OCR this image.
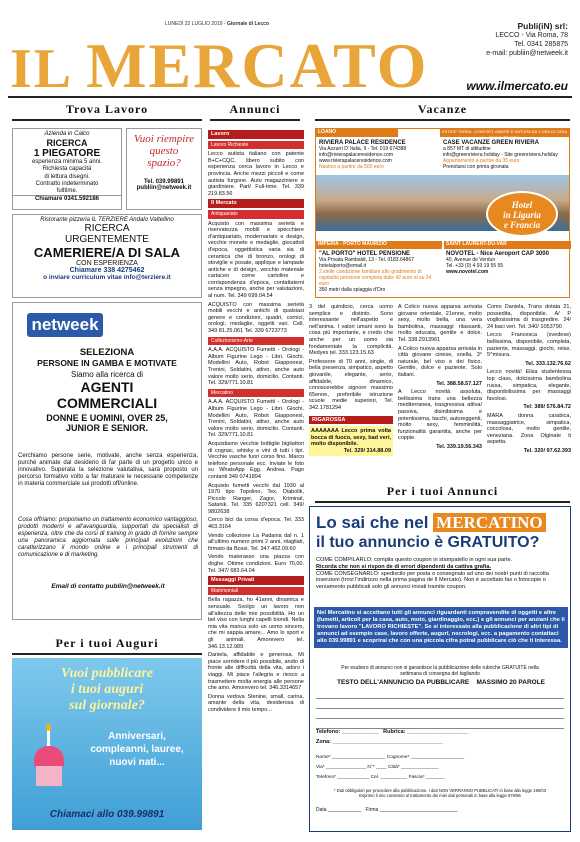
LUNEDÌ 22 LUGLIO 2019 - Giornale di Lecco
IL MERCATO
Publi(iN) srl:
LECCO - Via Roma, 78
Tel. 0341 285875
e-mail: publiin@netweek.it
www.ilmercato.eu
Trova Lavoro	Annunci	Vacanze
Azienda in Calco
RICERCA
1 PIEGATORE
esperienza minima 5 anni.
Richiesta capacità
di lettura disegni.
Contratto indeterminato
fulltime.
Chiamare 0341.592186
Vuoi riempire
questo
spazio?
Tel. 039.99891
publiin@netweek.it
Ristorante pizzeria IL TERZIERE Andalo Valtellino
RICERCA
URGENTEMENTE
CAMERIERE/A DI SALA
CON ESPERIENZA
Chiamare 338 4275462
o inviare curriculum vitae info@terziere.it
netweek
SELEZIONA
PERSONE IN GAMBA E MOTIVATE
Siamo alla ricerca di
AGENTI
COMMERCIALI
DONNE E UOMINI, OVER 25,
JUNIOR E SENIOR.
Cerchiamo persone serie, motivate, anche senza esperienza, purché animate dal desiderio di far parte di un progetto unico e innovativo. Superata la selezione valutativa, sarà proposto un percorso formativo volto a far maturare le necessarie competenze in materia commerciale sui prodotti off/online.
Cosa offriamo: proponiamo un trattamento economico vantaggioso, prodotti moderni e all'avanguardia, supportati da specialisti di esperienza, oltre che da corsi di training in grado di fornire sempre una panoramica aggiornata sulle principali evoluzioni che caratterizzano il mondo online e i principali strumenti di comunicazione e di marketing.
Email di contatto publiin@netweek.it
Per i tuoi Auguri
Vuoi pubblicare
i tuoi auguri
sul giornale?
Anniversari,
compleanni, lauree,
nuovi nati...
Chiamaci allo 039.99891
Lavoro
Lavoro Richieste

Lecco autista italiano con patente B+C+CQC, libero subito con esperienza cerca lavoro in Lecco e provincia. Anche mezzi piccoli e come autista furgone. Auto magazziniere e giardiniere. Part/ Full-time. Tel. 339 219.83.56

Il Mercato
Antiquariato

Acquisto con massima serietà e riservatezza mobili e specchiere d'antiquariato, modernariato e design, vecchie monete e medaglie, giocattoli d'epoca, oggettistica varia sia di ceramica che di bronzo, orologi di stoviglie e posate, applique e lampade antiche e di design, vecchio materiale cartaceo come cartoline e corrispondenza d'epoca, contattatemi senza impegno, anche per valutazioni, al num. Tel. 349 699.04.54

ACQUISTO con massima serietà mobili vecchi e antichi di qualsiasi genere e condizioni, quadri, cornici, orologi, medaglie, oggetti vari. Cell. 349 81.25.061 Tel. 339 6723773

Collezionismo-Arte

A.A.A. ACQUISTO Fumetti - Orologi - Album Figurine Lego - Libri. Giochi. Modellini Auto, Robot Giapponesi, Trenini, Soldatini, attivo, anche auto valore molto serio, domicilio. Contanti. Tel. 329/771.10.81

Mercatino

A.A.A. ACQUISTO Fumetti - Orologi - Album Figurine Lego - Libri. Giochi. Modellini Auto, Robot Giapponesi, Trenini, Soldatini, attivo, anche auto valore molto serio, domicilio. Contanti. Tel. 329/771.10.81

Acquistiamo vecchie bottiglie bigliattori di cognac, whisky e vini di tutti i tipi. Vecchie vasche fuori corso fino. Marco telefono personale ecc. Inviate le foto su WhatsApp Egg. Andrea. Pago contanti 349 0741894

Acquisto fumetti vecchi dal 1930 al 1970 tipo Topolino, Tex, Diabolik, Piccolo Ranger, Zagor, Kriminal, Satanik. Tel. 335 6207321 cell. 349/ 9802638

Cerco bici da corsa d'epoca. Tel. 333 463.3164

Vendo collezione La Padania dal n. 1 all'ultimo numero primi 2 anni, ritagliati, firmato da Bossi. Tel. 347 462.09.60

Vendo materasso una piazza con doghe. Ottime condizioni. Euro 70,00. Tel. 347/ 683.64.04

Messaggi Privati
Matrimoniali

Bella ragazza, ho 41anni, dinamica e sensuale. Svolgo un lavoro non all'altezza delle mie possibilità. Ho un bel viso con lunghi capelli biondi. Nella mia vita manca solo un uomo sincero, che mi sappia amare... Amo lo sport e gli animali. Amorevero tel. 346.13.12.989

Daniela, affidabile e generosa. Mi piace sorridere il più possibile, andio di fronte alle difficoltà della vita, adoro i viaggi. Mi piace l'allegria e riesco a trasmettere molta energia alle persone che amo. Amorevero tel. 346.3314657

Donna vedova Stenine, small, carina, amante della vita, desiderosa di condividere il mio tempo...

LOANO	ESTATE TERRA, CONFORT, AMORE E NATURA DA 1 ORA DI CASA TUA IN RIVIERA
RIVIERA PALACE RESIDENCE
Via Azzurri D' Italia, 9 - Tel. 019 674388
info@rivierapalaceresidence.com
www.rivierapalaceresidence.com
Nautico a partire da 500 euro
CASE VACANZE GREEN RIVIERA
a 857 MT di altitudine
info@greenriviera.holiday - Site greenriviera.holiday
Appartamento a partire da 35 euro
Prenotarsi con prima gironata
Hotel
in Liguria
e Francia
IMPERIA - PORTO MAURIZIO	SAINT LAURENT-DU-VAR
"AL PORTO" HOTEL PENSIONE
Via Privata Rambaldi, 13 - Tel. 0183.64867
hotelalporto@email.it
2 stelle condizione familiare alto gradimento di ospitalità pensione completa dalle 42 euro al su 24 euro
350 metri dalla spiaggia d'Oro
NOVOTEL - Nice Aeroport CAP 3000
40, Avenue de Verdun
Tel. +33 (0) 4 93 19 55 55
www.novotel.com

3 del quindicio, cerca uomo semplice e distinto. Sono interessante nell'aspetto e nell'anima. I valori umani sono la cosa più importante, e credo che anche per un uomo sia fondamentale la complicità. Medyes tel. 333.123.15.63

Professore di 70 anni, single, di bella presenza, simpatico, aspetto giovanile, elegante, serio, affidabile, dinamico, conoscerebbe signore massimo 65enne, preferibile istruzione scuole medie superiori, Tel. 342.1781294

RIGAROSSA
AAAAAAA Lecco prima volta bocca di fuoco, sexy, bad veri, molto disponibile.
Tel. 329/ 314.88.09

A Colico nuova apparsa arrivata giovane orientale, 21enne, molto sexy, molto bella, una vera bambolina, massaggi rilassanti, molto educata, gentile e dolce. Tel. 338.2913961

A Colico nuova apparsa arrivata in città giovane cinese, snella, 3° naturale, bel viso e dei fisico. Gentile, dolce e paziente. Solo italiani.

Tel. 388.58.57.127

A Lecco novità assoluta, bellissima trans una bellezza mediterranea, trasgressiva attiva/ passiva, disinibisima e potentissima, tacchi, autoreggenti, molto sexy, femminilità, funzionalità garantita, anche per coppie.

Tel. 339.19.56.343

Como Daniela, Trans dotata 21, possedita, disponibile. A/ P vogliosissima di trasgredire. 24/ 24 baci veri. Tel. 340/ 1053790

Lecco Francesca (svedese) bellissima, disponibile, completa, paziente, massaggi, giochi, relax. 5^misura.

Tel. 333.132.76.62

Lecco novità! Elisa studentessa top class, dolcissima bambolina russa, simpatica, elegante, disponibilissima per massaggi favolosi.

Tel: 389/ 576.84.72

MARA donna carabica, massaggiatrice, simpatica, coccolosa, molto gentile, veneziana. Zona Olginate ti aspetta.

Tel. 320/ 97.62.393

Per i tuoi Annunci
Lo sai che nel MERCATINO
il tuo annuncio è GRATUITO?
COME COMPILARLO: compila questo coupon in stampatello in ogni sua parte.
Ricorda che non si rispon de di errori dipendenti da cattiva grafia.
COME CONSEGNARLO: spediscilo per posta o consegnalo ad uno dei nostri punti di raccolta inserzioni (trovi l'indirizzo nella prima pagina de Il Mercato). Non è accettato fax o fotocopie o versamento pubblicati solo gli annunci inviati tramite coupon.
Nel Mercatino si accettano tutti gli annunci riguardanti compravendite di oggetti e altre (fumetti, articoli per la casa, auto, moto, giardinaggio, ecc.) e gli annunci per anziani che li trovano lavoro "LAVORO RICHIESTE". Se si interessato alla pubblicazione di altri tipi di annunci ad esempio case, lavoro offerte, auguri, necrologi, ecc. a pagamento contattaci allo 039.99891 e scoprirai che con una piccola cifra potrai pubblicare ciò che ti interessa.
Per esubero di annunci non si garantisce la pubblicazione delle rubriche GRATUITE nella settimana di consegna del tagliando
TESTO DELL'ANNUNCIO DA PUBBLICARE MASSIMO 20 PAROLE
Telefono: ____________   Rubrica: ____________________
Zona: ____________________________________
Nome* ____________________ Cognome* ____________________
Via* _______________ N°* ____ Città* ______________
Telefono* ____________ Cel. __________ Fascia* _______
* Dati obbligatori per procedere alla pubblicazione. I dati NON VERRANNO PUBBLICATI in base alla legge 196/03
Esprimo il mio consenso al trattamento dei miei dati personali in base alla legge 675/96
Data ____________   Firma ____________________________
